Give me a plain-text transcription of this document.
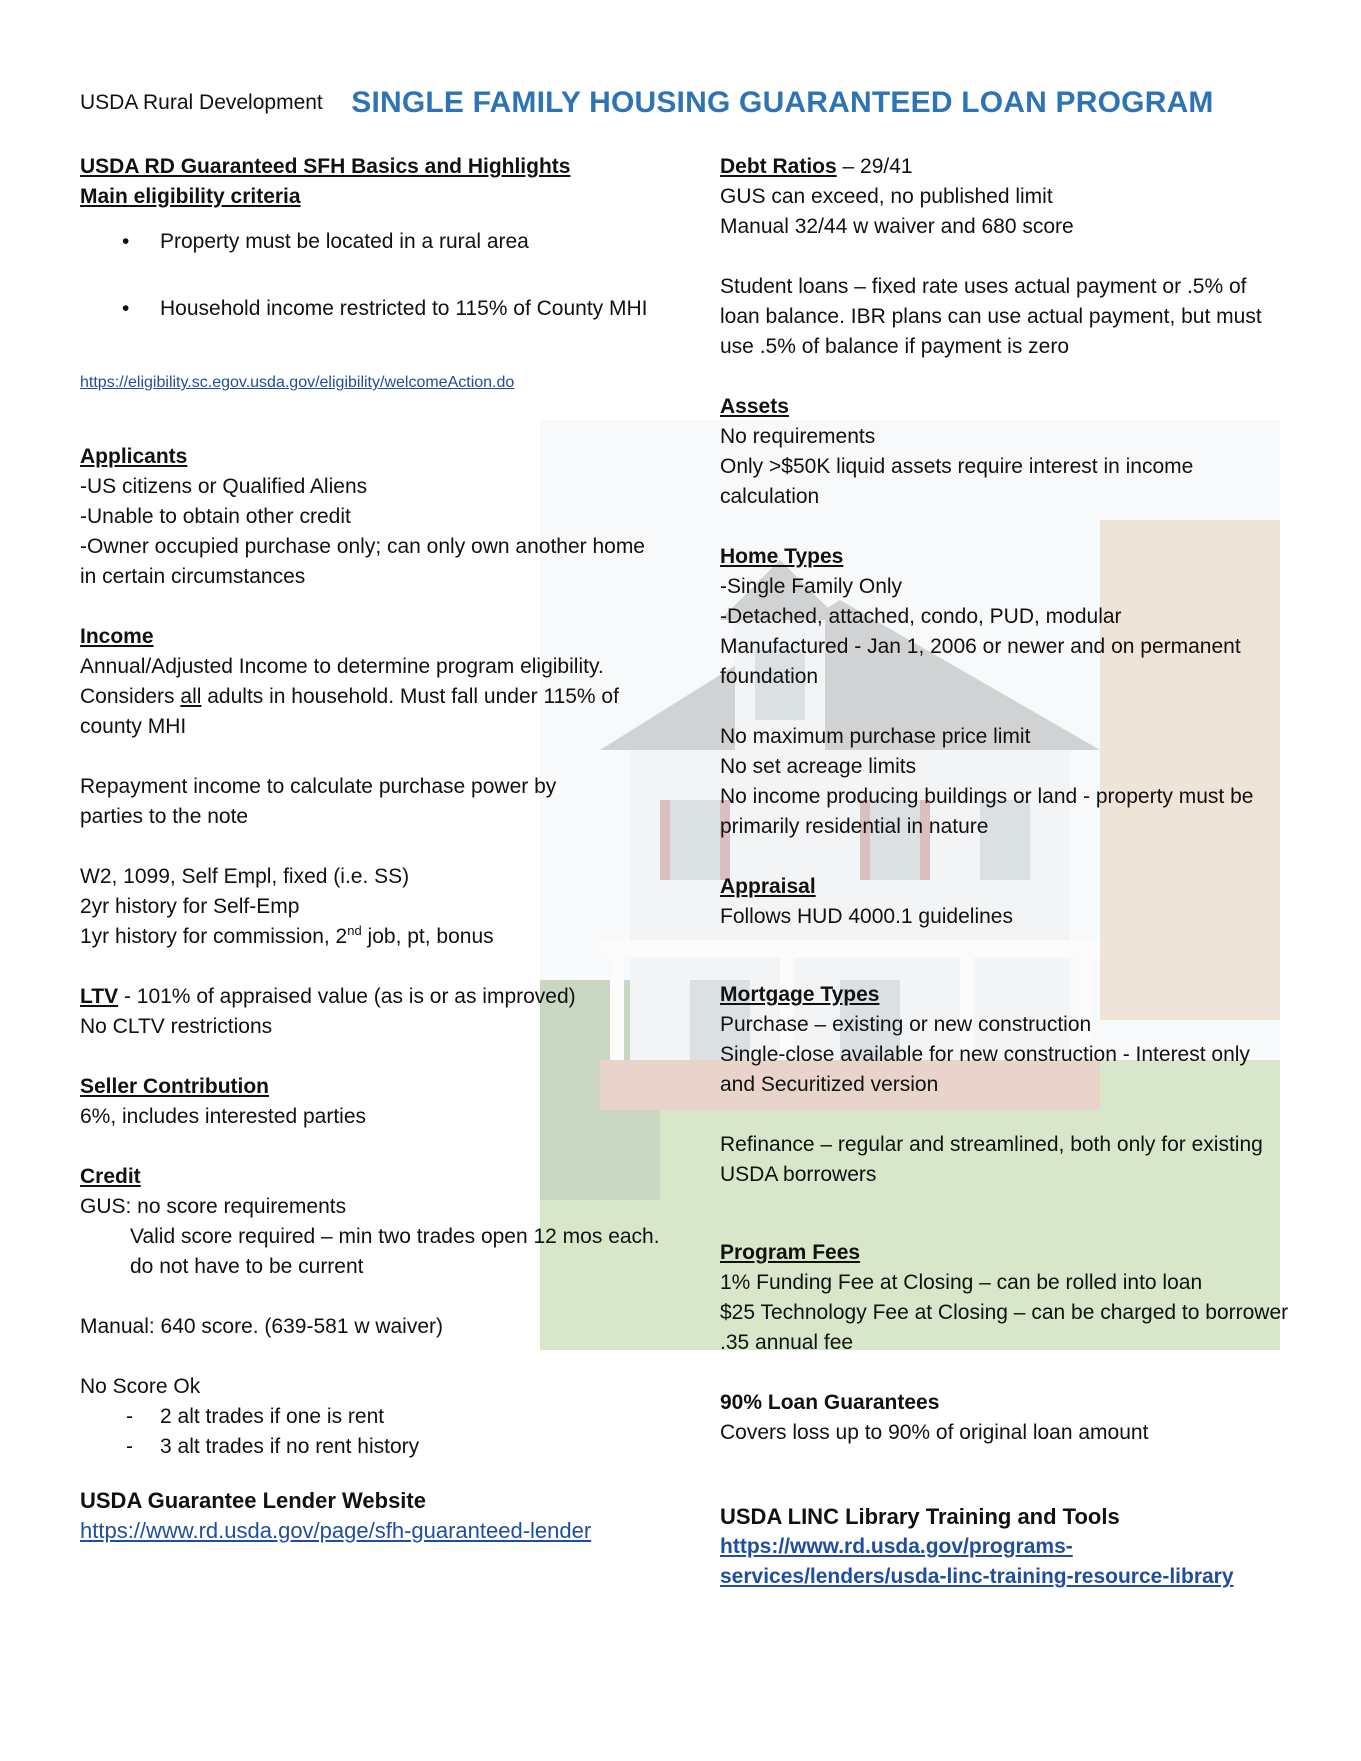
USDA Rural Development SINGLE FAMILY HOUSING GUARANTEED LOAN PROGRAM
USDA RD Guaranteed SFH Basics and Highlights
Main eligibility criteria
• Property must be located in a rural area
• Household income restricted to 115% of County MHI
https://eligibility.sc.egov.usda.gov/eligibility/welcomeAction.do
Applicants
-US citizens or Qualified Aliens
-Unable to obtain other credit
-Owner occupied purchase only; can only own another home in certain circumstances
Income
Annual/Adjusted Income to determine program eligibility. Considers all adults in household. Must fall under 115% of county MHI
Repayment income to calculate purchase power by parties to the note
W2, 1099, Self Empl, fixed (i.e. SS)
2yr history for Self-Emp
1yr history for commission, 2nd job, pt, bonus
LTV - 101% of appraised value (as is or as improved)
No CLTV restrictions
Seller Contribution
6%, includes interested parties
Credit
GUS: no score requirements
Valid score required – min two trades open 12 mos each. do not have to be current
Manual: 640 score. (639-581 w waiver)
No Score Ok
- 2 alt trades if one is rent
- 3 alt trades if no rent history
USDA Guarantee Lender Website
https://www.rd.usda.gov/page/sfh-guaranteed-lender
Debt Ratios – 29/41
GUS can exceed, no published limit
Manual 32/44 w waiver and 680 score
Student loans – fixed rate uses actual payment or .5% of loan balance. IBR plans can use actual payment, but must use .5% of balance if payment is zero
Assets
No requirements
Only >$50K liquid assets require interest in income calculation
Home Types
-Single Family Only
-Detached, attached, condo, PUD, modular
Manufactured - Jan 1, 2006 or newer and on permanent foundation
No maximum purchase price limit
No set acreage limits
No income producing buildings or land - property must be primarily residential in nature
Appraisal
Follows HUD 4000.1 guidelines
Mortgage Types
Purchase – existing or new construction
Single-close available for new construction - Interest only and Securitized version
Refinance – regular and streamlined, both only for existing USDA borrowers
Program Fees
1% Funding Fee at Closing – can be rolled into loan
$25 Technology Fee at Closing – can be charged to borrower
.35 annual fee
90% Loan Guarantees
Covers loss up to 90% of original loan amount
USDA LINC Library Training and Tools
https://www.rd.usda.gov/programs-
services/lenders/usda-linc-training-resource-library
